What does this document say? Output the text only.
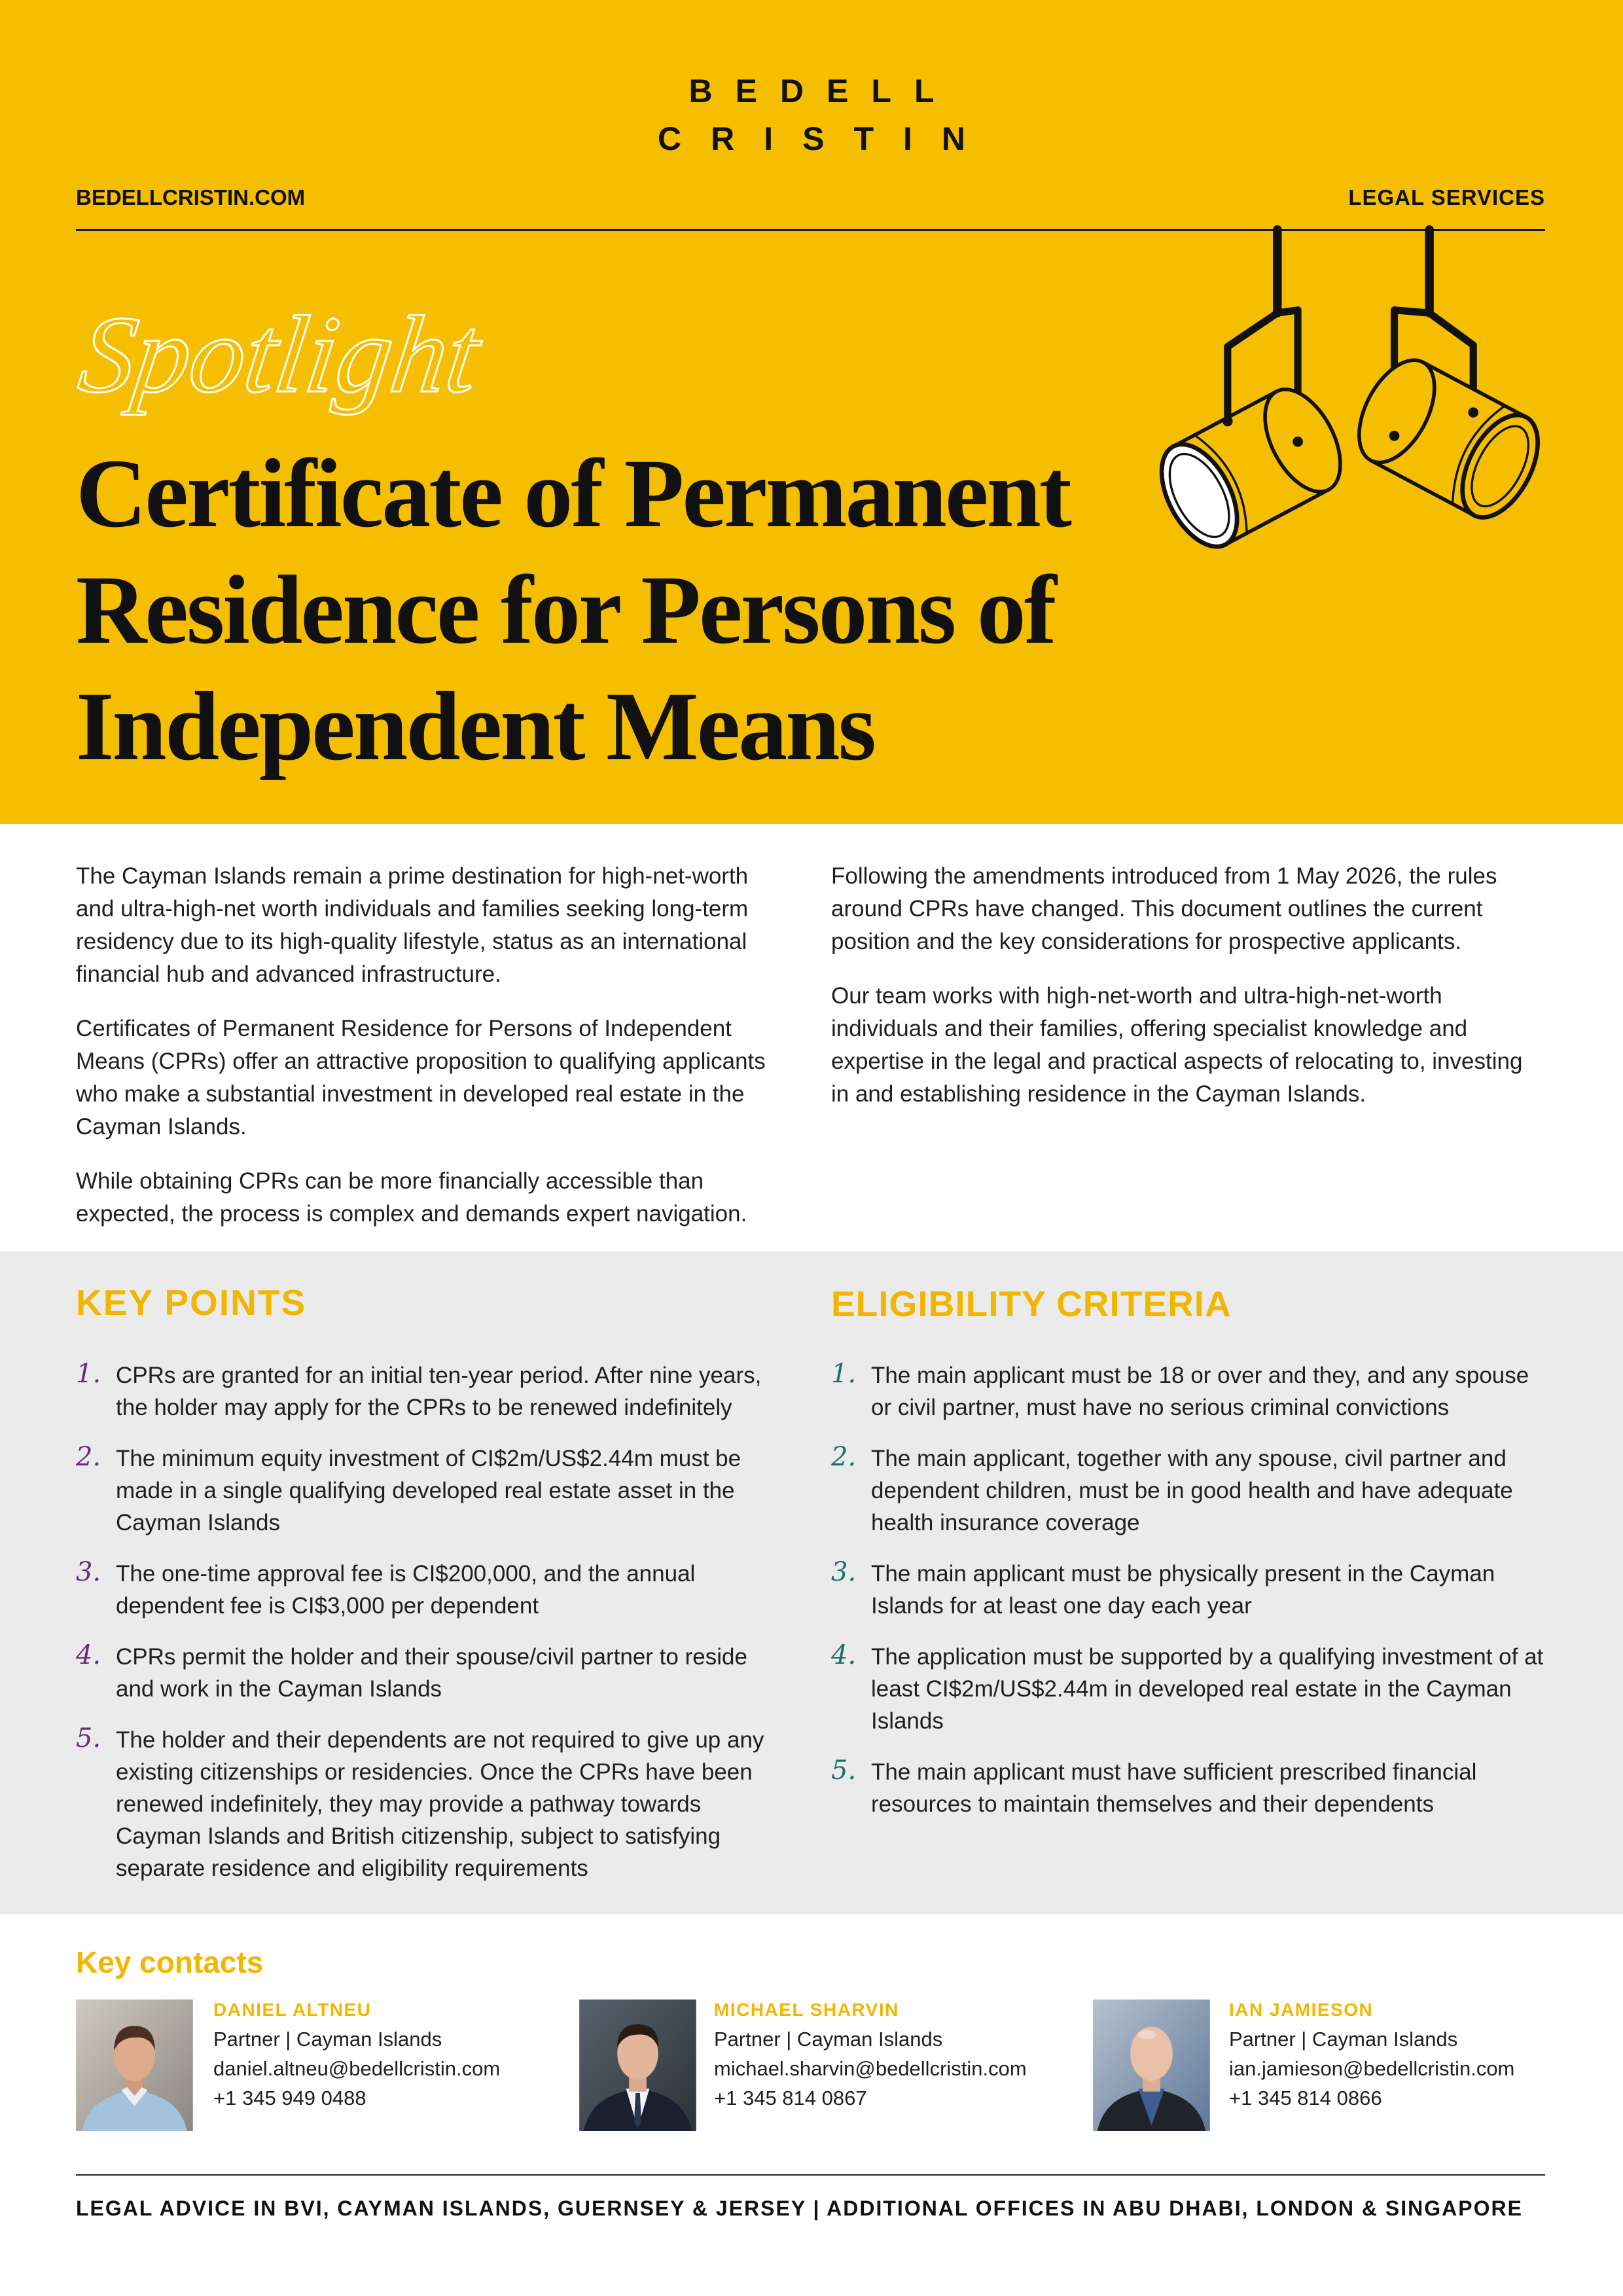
BEDELL
CRISTIN
BEDELLCRISTIN.COM	LEGAL SERVICES
Spotlight
Certificate of Permanent
Residence for Persons of
Independent Means

The Cayman Islands remain a prime destination for high-net-worth and ultra-high-net worth individuals and families seeking long-term residency due to its high-quality lifestyle, status as an international financial hub and advanced infrastructure.

Certificates of Permanent Residence for Persons of Independent Means (CPRs) offer an attractive proposition to qualifying applicants who make a substantial investment in developed real estate in the Cayman Islands.

While obtaining CPRs can be more financially accessible than expected, the process is complex and demands expert navigation.

Following the amendments introduced from 1 May 2026, the rules around CPRs have changed. This document outlines the current position and the key considerations for prospective applicants.

Our team works with high-net-worth and ultra-high-net-worth individuals and their families, offering specialist knowledge and expertise in the legal and practical aspects of relocating to, investing in and establishing residence in the Cayman Islands.

KEY POINTS	ELIGIBILITY CRITERIA
1. CPRs are granted for an initial ten-year period. After nine years, the holder may apply for the CPRs to be renewed indefinitely
2. The minimum equity investment of CI$2m/US$2.44m must be made in a single qualifying developed real estate asset in the Cayman Islands
3. The one-time approval fee is CI$200,000, and the annual dependent fee is CI$3,000 per dependent
4. CPRs permit the holder and their spouse/civil partner to reside and work in the Cayman Islands
5. The holder and their dependents are not required to give up any existing citizenships or residencies. Once the CPRs have been renewed indefinitely, they may provide a pathway towards Cayman Islands and British citizenship, subject to satisfying separate residence and eligibility requirements
1. The main applicant must be 18 or over and they, and any spouse or civil partner, must have no serious criminal convictions
2. The main applicant, together with any spouse, civil partner and dependent children, must be in good health and have adequate health insurance coverage
3. The main applicant must be physically present in the Cayman Islands for at least one day each year
4. The application must be supported by a qualifying investment of at least CI$2m/US$2.44m in developed real estate in the Cayman Islands
5. The main applicant must have sufficient prescribed financial resources to maintain themselves and their dependents
Key contacts
DANIEL ALTNEU
Partner | Cayman Islands
daniel.altneu@bedellcristin.com
+1 345 949 0488
MICHAEL SHARVIN
Partner | Cayman Islands
michael.sharvin@bedellcristin.com
+1 345 814 0867
IAN JAMIESON
Partner | Cayman Islands
ian.jamieson@bedellcristin.com
+1 345 814 0866
LEGAL ADVICE IN BVI, CAYMAN ISLANDS, GUERNSEY & JERSEY | ADDITIONAL OFFICES IN ABU DHABI, LONDON & SINGAPORE
